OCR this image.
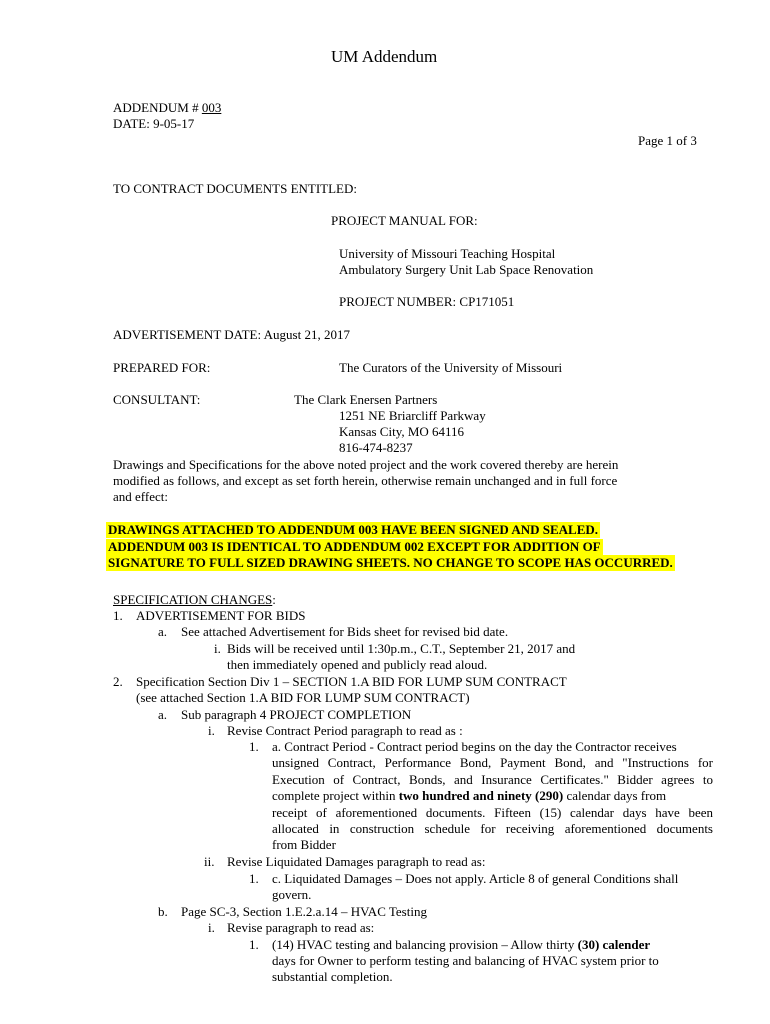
UM Addendum
ADDENDUM # 003
DATE: 9-05-17
Page 1 of 3
TO CONTRACT DOCUMENTS ENTITLED:
PROJECT MANUAL FOR:
University of Missouri Teaching Hospital
Ambulatory Surgery Unit Lab Space Renovation
PROJECT NUMBER: CP171051
ADVERTISEMENT DATE: August 21, 2017
PREPARED FOR:	The Curators of the University of Missouri
CONSULTANT:	The Clark Enersen Partners
1251 NE Briarcliff Parkway
Kansas City, MO 64116
816-474-8237
Drawings and Specifications for the above noted project and the work covered thereby are herein
modified as follows, and except as set forth herein, otherwise remain unchanged and in full force
and effect:
DRAWINGS ATTACHED TO ADDENDUM 003 HAVE BEEN SIGNED AND SEALED.
ADDENDUM 003 IS IDENTICAL TO ADDENDUM 002 EXCEPT FOR ADDITION OF
SIGNATURE TO FULL SIZED DRAWING SHEETS. NO CHANGE TO SCOPE HAS OCCURRED.
SPECIFICATION CHANGES:
1. ADVERTISEMENT FOR BIDS
a. See attached Advertisement for Bids sheet for revised bid date.
i. Bids will be received until 1:30p.m., C.T., September 21, 2017 and
then immediately opened and publicly read aloud.
2. Specification Section Div 1 – SECTION 1.A BID FOR LUMP SUM CONTRACT
(see attached Section 1.A BID FOR LUMP SUM CONTRACT)
a. Sub paragraph 4 PROJECT COMPLETION
i. Revise Contract Period paragraph to read as :
1. a. Contract Period - Contract period begins on the day the Contractor receives
unsigned Contract, Performance Bond, Payment Bond, and "Instructions for
Execution of Contract, Bonds, and Insurance Certificates." Bidder agrees to
complete project within two hundred and ninety (290) calendar days from
receipt of aforementioned documents. Fifteen (15) calendar days have been
allocated in construction schedule for receiving aforementioned documents
from Bidder
ii. Revise Liquidated Damages paragraph to read as:
1. c. Liquidated Damages – Does not apply. Article 8 of general Conditions shall
govern.
b. Page SC-3, Section 1.E.2.a.14 – HVAC Testing
i. Revise paragraph to read as:
1. (14) HVAC testing and balancing provision – Allow thirty (30) calender
days for Owner to perform testing and balancing of HVAC system prior to
substantial completion.
